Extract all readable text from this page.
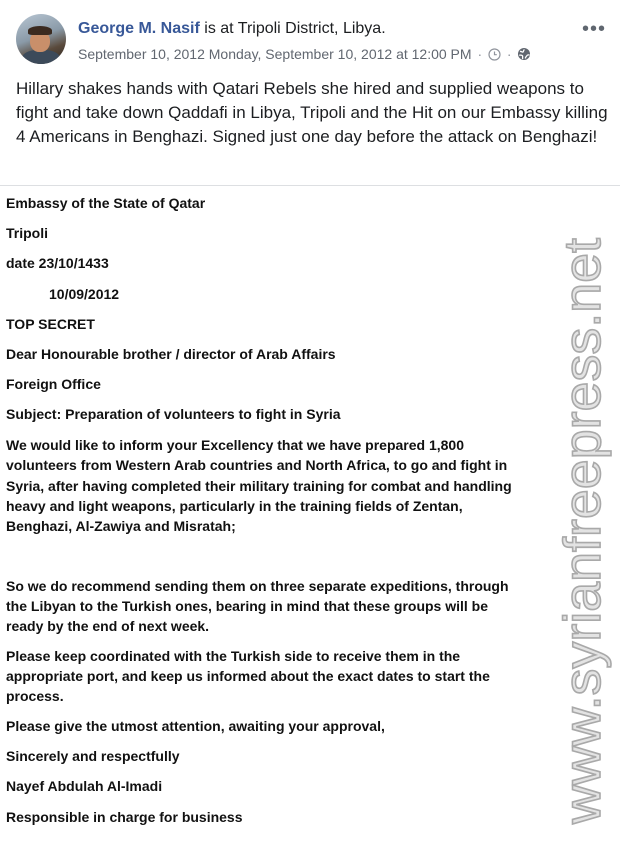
George M. Nasif is at Tripoli District, Libya.
September 10, 2012 Monday, September 10, 2012 at 12:00 PM · ·
•••
Hillary shakes hands with Qatari Rebels she hired and supplied weapons to fight and take down Qaddafi in Libya, Tripoli and the Hit on our Embassy killing 4 Americans in Benghazi. Signed just one day before the attack on Benghazi!

Embassy of the State of Qatar

Tripoli

date 23/10/1433

10/09/2012

TOP SECRET

Dear Honourable brother / director of Arab Affairs

Foreign Office

Subject: Preparation of volunteers to fight in Syria

We would like to inform your Excellency that we have prepared 1,800

volunteers from Western Arab countries and North Africa, to go and fight in

Syria, after having completed their military training for combat and handling

heavy and light weapons, particularly in the training fields of Zentan,

Benghazi, Al-Zawiya and Misratah;

So we do recommend sending them on three separate expeditions, through

the Libyan to the Turkish ones, bearing in mind that these groups will be

ready by the end of next week.

Please keep coordinated with the Turkish side to receive them in the

appropriate port, and keep us informed about the exact dates to start the

process.

Please give the utmost attention, awaiting your approval,

Sincerely and respectfully

Nayef Abdulah Al-Imadi

Responsible in charge for business	www.syrianfreepress.net
